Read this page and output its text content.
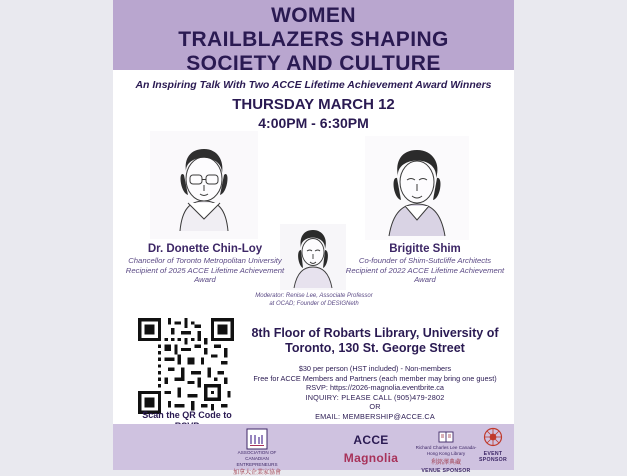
WOMEN
TRAILBLAZERS SHAPING
SOCIETY AND CULTURE
An Inspiring Talk With Two ACCE Lifetime Achievement Award Winners
THURSDAY MARCH 12
4:00PM - 6:30PM
Dr. Donette Chin-Loy
Chancellor of Toronto Metropolitan University
Recipient of 2025 ACCE Lifetime Achievement Award
Brigitte Shim
Co-founder of Shim-Sutcliffe Architects
Recipient of 2022 ACCE Lifetime Achievement Award
Moderator: Renise Lee, Associate Professor at OCAD; Founder of DESIGNeth
Scan the QR Code to

8th Floor of Robarts Library, University of Toronto, 130 St. George Street
$30 per person (HST included) - Non-members
Free for ACCE Members and Partners (each member may bring one guest)
RSVP: https://2026-magnolia.eventbrite.ca
INQUIRY: PLEASE CALL (905)479-2802
OR
EMAIL: MEMBERSHIP@ACCE.CA
ASSOCIATION OF CANADIAN ENTREPRENEURS
加拿大企業家協會
ACCE Magnolia
Richard Charles Lee Canada-Hong Kong Library
利銘澤典藏
VENUE SPONSOR
EVENT SPONSOR
